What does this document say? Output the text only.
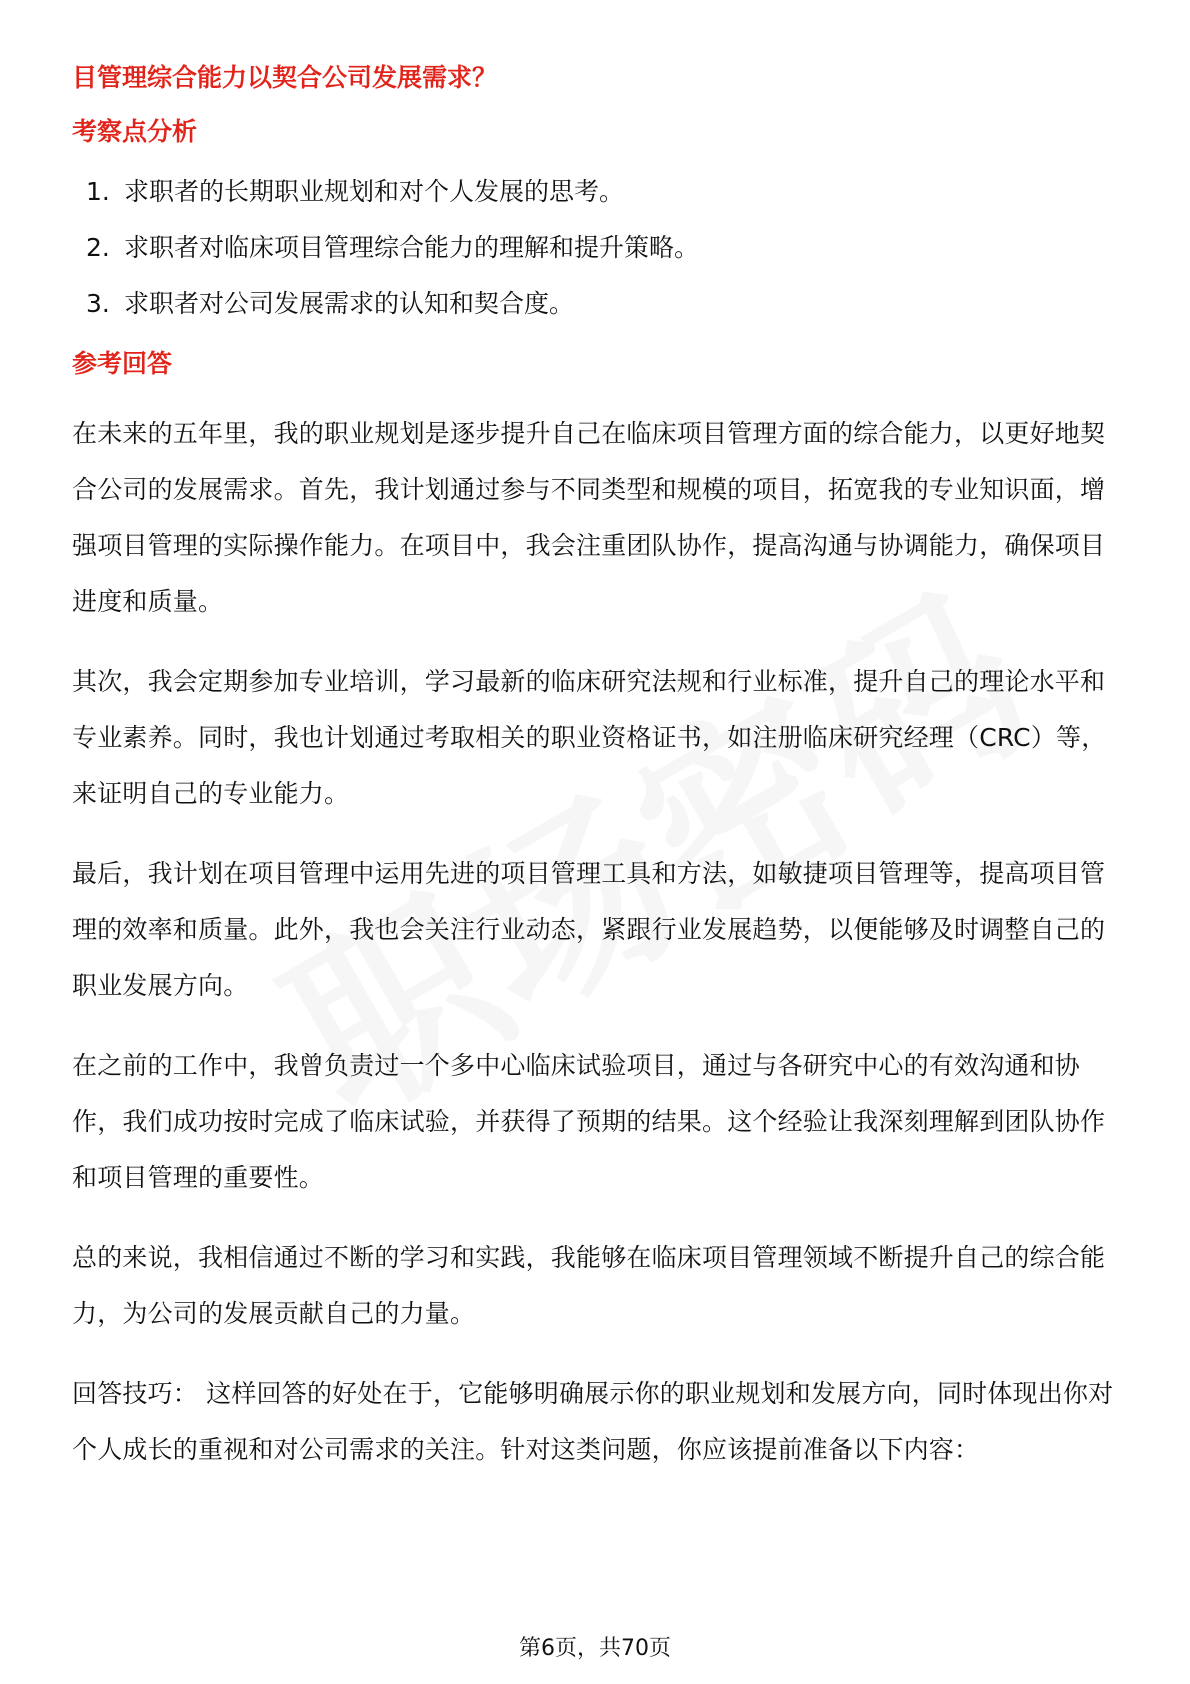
目管理综合能力以契合公司发展需求？
考察点分析
1. 求职者的长期职业规划和对个人发展的思考。
2. 求职者对临床项目管理综合能力的理解和提升策略。
3. 求职者对公司发展需求的认知和契合度。
参考回答

在未来的五年里，我的职业规划是逐步提升自己在临床项目管理方面的综合能力，以更好地契合公司的发展需求。首先，我计划通过参与不同类型和规模的项目，拓宽我的专业知识面，增强项目管理的实际操作能力。在项目中，我会注重团队协作，提高沟通与协调能力，确保项目进度和质量。

其次，我会定期参加专业培训，学习最新的临床研究法规和行业标准，提升自己的理论水平和专业素养。同时，我也计划通过考取相关的职业资格证书，如注册临床研究经理（CRC）等，来证明自己的专业能力。

最后，我计划在项目管理中运用先进的项目管理工具和方法，如敏捷项目管理等，提高项目管理的效率和质量。此外，我也会关注行业动态，紧跟行业发展趋势，以便能够及时调整自己的职业发展方向。

在之前的工作中，我曾负责过一个多中心临床试验项目，通过与各研究中心的有效沟通和协作，我们成功按时完成了临床试验，并获得了预期的结果。这个经验让我深刻理解到团队协作和项目管理的重要性。

总的来说，我相信通过不断的学习和实践，我能够在临床项目管理领域不断提升自己的综合能力，为公司的发展贡献自己的力量。

回答技巧： 这样回答的好处在于，它能够明确展示你的职业规划和发展方向，同时体现出你对个人成长的重视和对公司需求的关注。针对这类问题，你应该提前准备以下内容：

第6页，共70页
